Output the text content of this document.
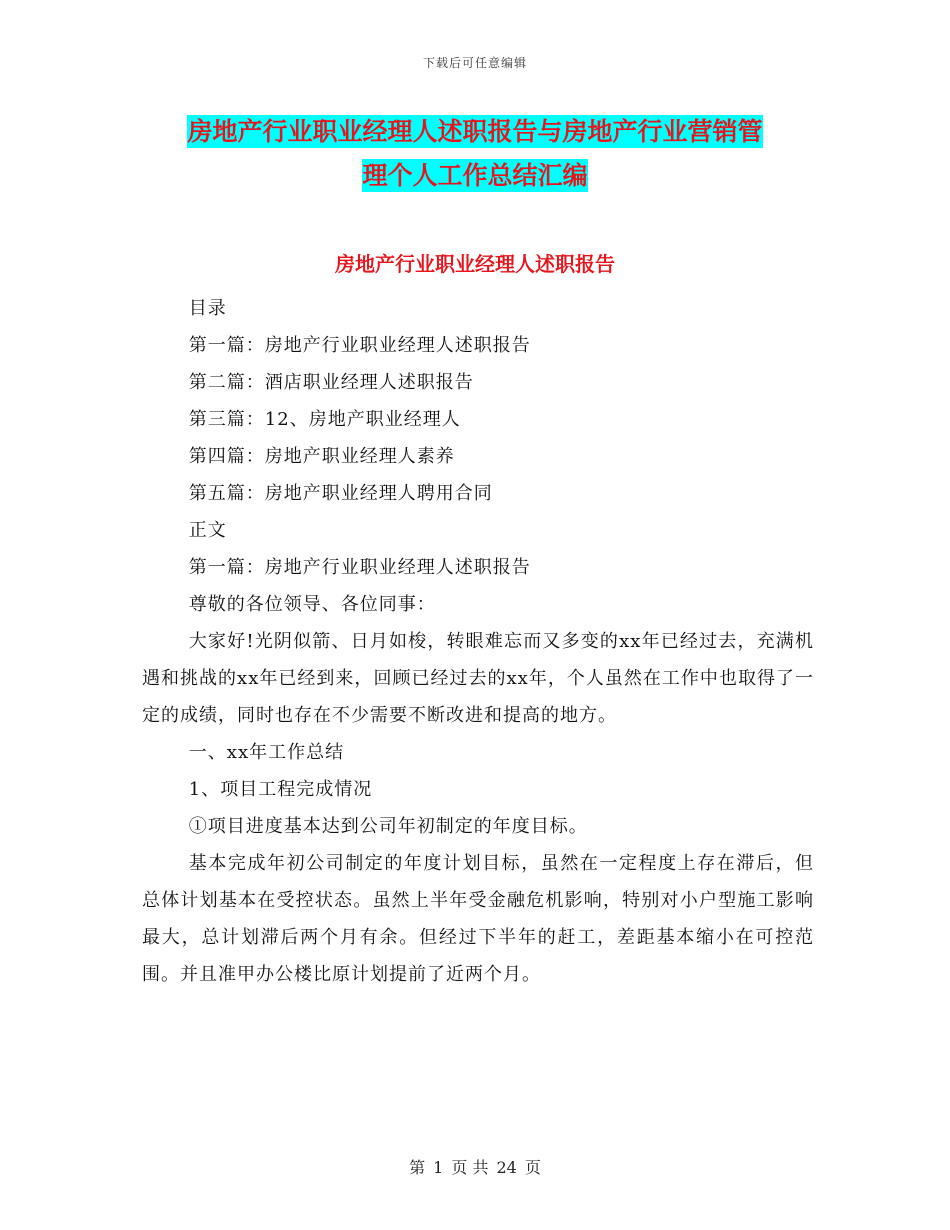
下载后可任意编辑
房地产行业职业经理人述职报告与房地产行业营销管
理个人工作总结汇编
房地产行业职业经理人述职报告

目录

第一篇：房地产行业职业经理人述职报告

第二篇：酒店职业经理人述职报告

第三篇：12、房地产职业经理人

第四篇：房地产职业经理人素养

第五篇：房地产职业经理人聘用合同

正文

第一篇：房地产行业职业经理人述职报告

尊敬的各位领导、各位同事：

大家好!光阴似箭、日月如梭，转眼难忘而又多变的xx年已经过去，充满机遇和挑战的xx年已经到来，回顾已经过去的xx年，个人虽然在工作中也取得了一定的成绩，同时也存在不少需要不断改进和提高的地方。

一、xx年工作总结

1、项目工程完成情况

①项目进度基本达到公司年初制定的年度目标。

基本完成年初公司制定的年度计划目标，虽然在一定程度上存在滞后，但总体计划基本在受控状态。虽然上半年受金融危机影响，特别对小户型施工影响最大，总计划滞后两个月有余。但经过下半年的赶工，差距基本缩小在可控范围。并且准甲办公楼比原计划提前了近两个月。

第 1 页 共 24 页
